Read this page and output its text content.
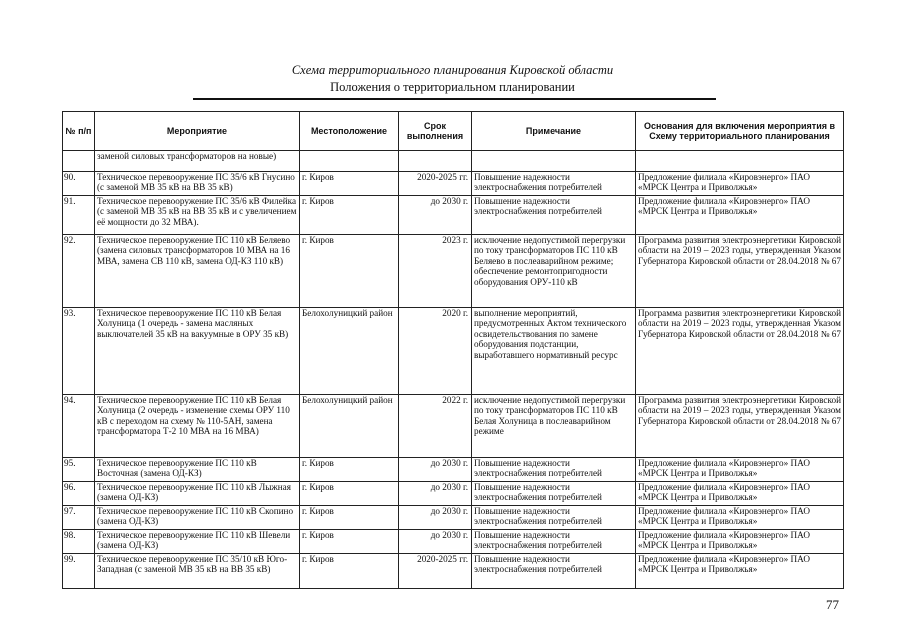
Схема территориального планирования Кировской области
Положения о территориальном планировании
№ п/п	Мероприятие	Местоположение	Срок выполнения	Примечание	Основания для включения мероприятия в Схему территориального планирования
	заменой силовых трансформаторов на новые)				
90.	Техническое перевооружение ПС 35/6 кВ Гнусино (с заменой МВ 35 кВ на ВВ 35 кВ)	г. Киров	2020-2025 гг.	Повышение надежности электроснабжения потребителей	Предложение филиала «Кировэнерго» ПАО «МРСК Центра и Приволжья»
91.	Техническое перевооружение ПС 35/6 кВ Филейка (с заменой МВ 35 кВ на ВВ 35 кВ и с увеличением её мощности до 32 МВА).	г. Киров	до 2030 г.	Повышение надежности электроснабжения потребителей	Предложение филиала «Кировэнерго» ПАО «МРСК Центра и Приволжья»
92.	Техническое перевооружение ПС 110 кВ Беляево (замена силовых трансформаторов 10 МВА на 16 МВА, замена СВ 110 кВ, замена ОД-КЗ 110 кВ)	г. Киров	2023 г.	исключение недопустимой перегрузки по току трансформаторов ПС 110 кВ Беляево в послеаварийном режиме; обеспечение ремонтопригодности оборудования ОРУ-110 кВ	Программа развития электроэнергетики Кировской области на 2019 – 2023 годы, утвержденная Указом Губернатора Кировской области от 28.04.2018 № 67
93.	Техническое перевооружение ПС 110 кВ Белая Холуница (1 очередь - замена масляных выключателей 35 кВ на вакуумные в ОРУ 35 кВ)	Белохолуницкий район	2020 г.	выполнение мероприятий, предусмотренных Актом технического освидетельствования по замене оборудования подстанции, выработавшего нормативный ресурс	Программа развития электроэнергетики Кировской области на 2019 – 2023 годы, утвержденная Указом Губернатора Кировской области от 28.04.2018 № 67
94.	Техническое перевооружение ПС 110 кВ Белая Холуница (2 очередь - изменение схемы ОРУ 110 кВ с переходом на схему № 110-5АН, замена трансформатора Т-2 10 МВА на 16 МВА)	Белохолуницкий район	2022 г.	исключение недопустимой перегрузки по току трансформаторов ПС 110 кВ Белая Холуница в послеаварийном режиме	Программа развития электроэнергетики Кировской области на 2019 – 2023 годы, утвержденная Указом Губернатора Кировской области от 28.04.2018 № 67
95.	Техническое перевооружение ПС 110 кВ Восточная (замена ОД-КЗ)	г. Киров	до 2030 г.	Повышение надежности электроснабжения потребителей	Предложение филиала «Кировэнерго» ПАО «МРСК Центра и Приволжья»
96.	Техническое перевооружение ПС 110 кВ Лыжная (замена ОД-КЗ)	г. Киров	до 2030 г.	Повышение надежности электроснабжения потребителей	Предложение филиала «Кировэнерго» ПАО «МРСК Центра и Приволжья»
97.	Техническое перевооружение ПС 110 кВ Скопино (замена ОД-КЗ)	г. Киров	до 2030 г.	Повышение надежности электроснабжения потребителей	Предложение филиала «Кировэнерго» ПАО «МРСК Центра и Приволжья»
98.	Техническое перевооружение ПС 110 кВ Шевели (замена ОД-КЗ)	г. Киров	до 2030 г.	Повышение надежности электроснабжения потребителей	Предложение филиала «Кировэнерго» ПАО «МРСК Центра и Приволжья»
99.	Техническое перевооружение ПС 35/10 кВ Юго-Западная (с заменой МВ 35 кВ на ВВ 35 кВ)	г. Киров	2020-2025 гг.	Повышение надежности электроснабжения потребителей	Предложение филиала «Кировэнерго» ПАО «МРСК Центра и Приволжья»
77
